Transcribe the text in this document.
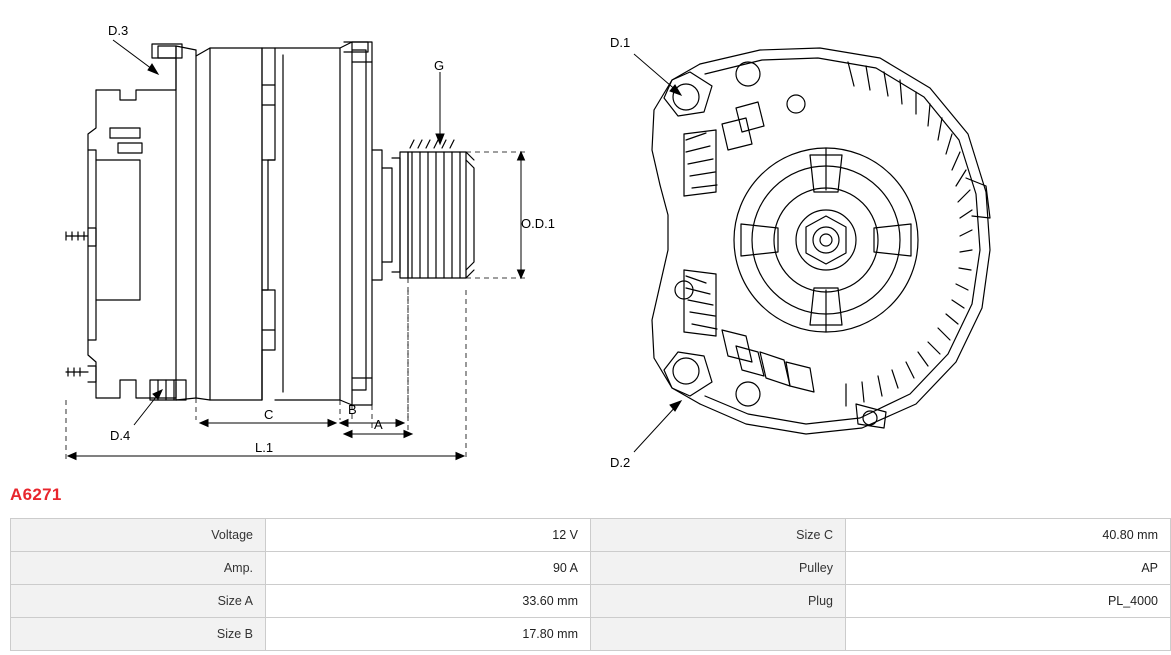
D.3
G
O.D.1
C	B
A
L.1
D.4
D.1
D.2
A6271
Voltage	12 V	Size C	40.80 mm
Amp.	90 A	Pulley	AP
Size A	33.60 mm	Plug	PL_4000
Size B	17.80 mm		
